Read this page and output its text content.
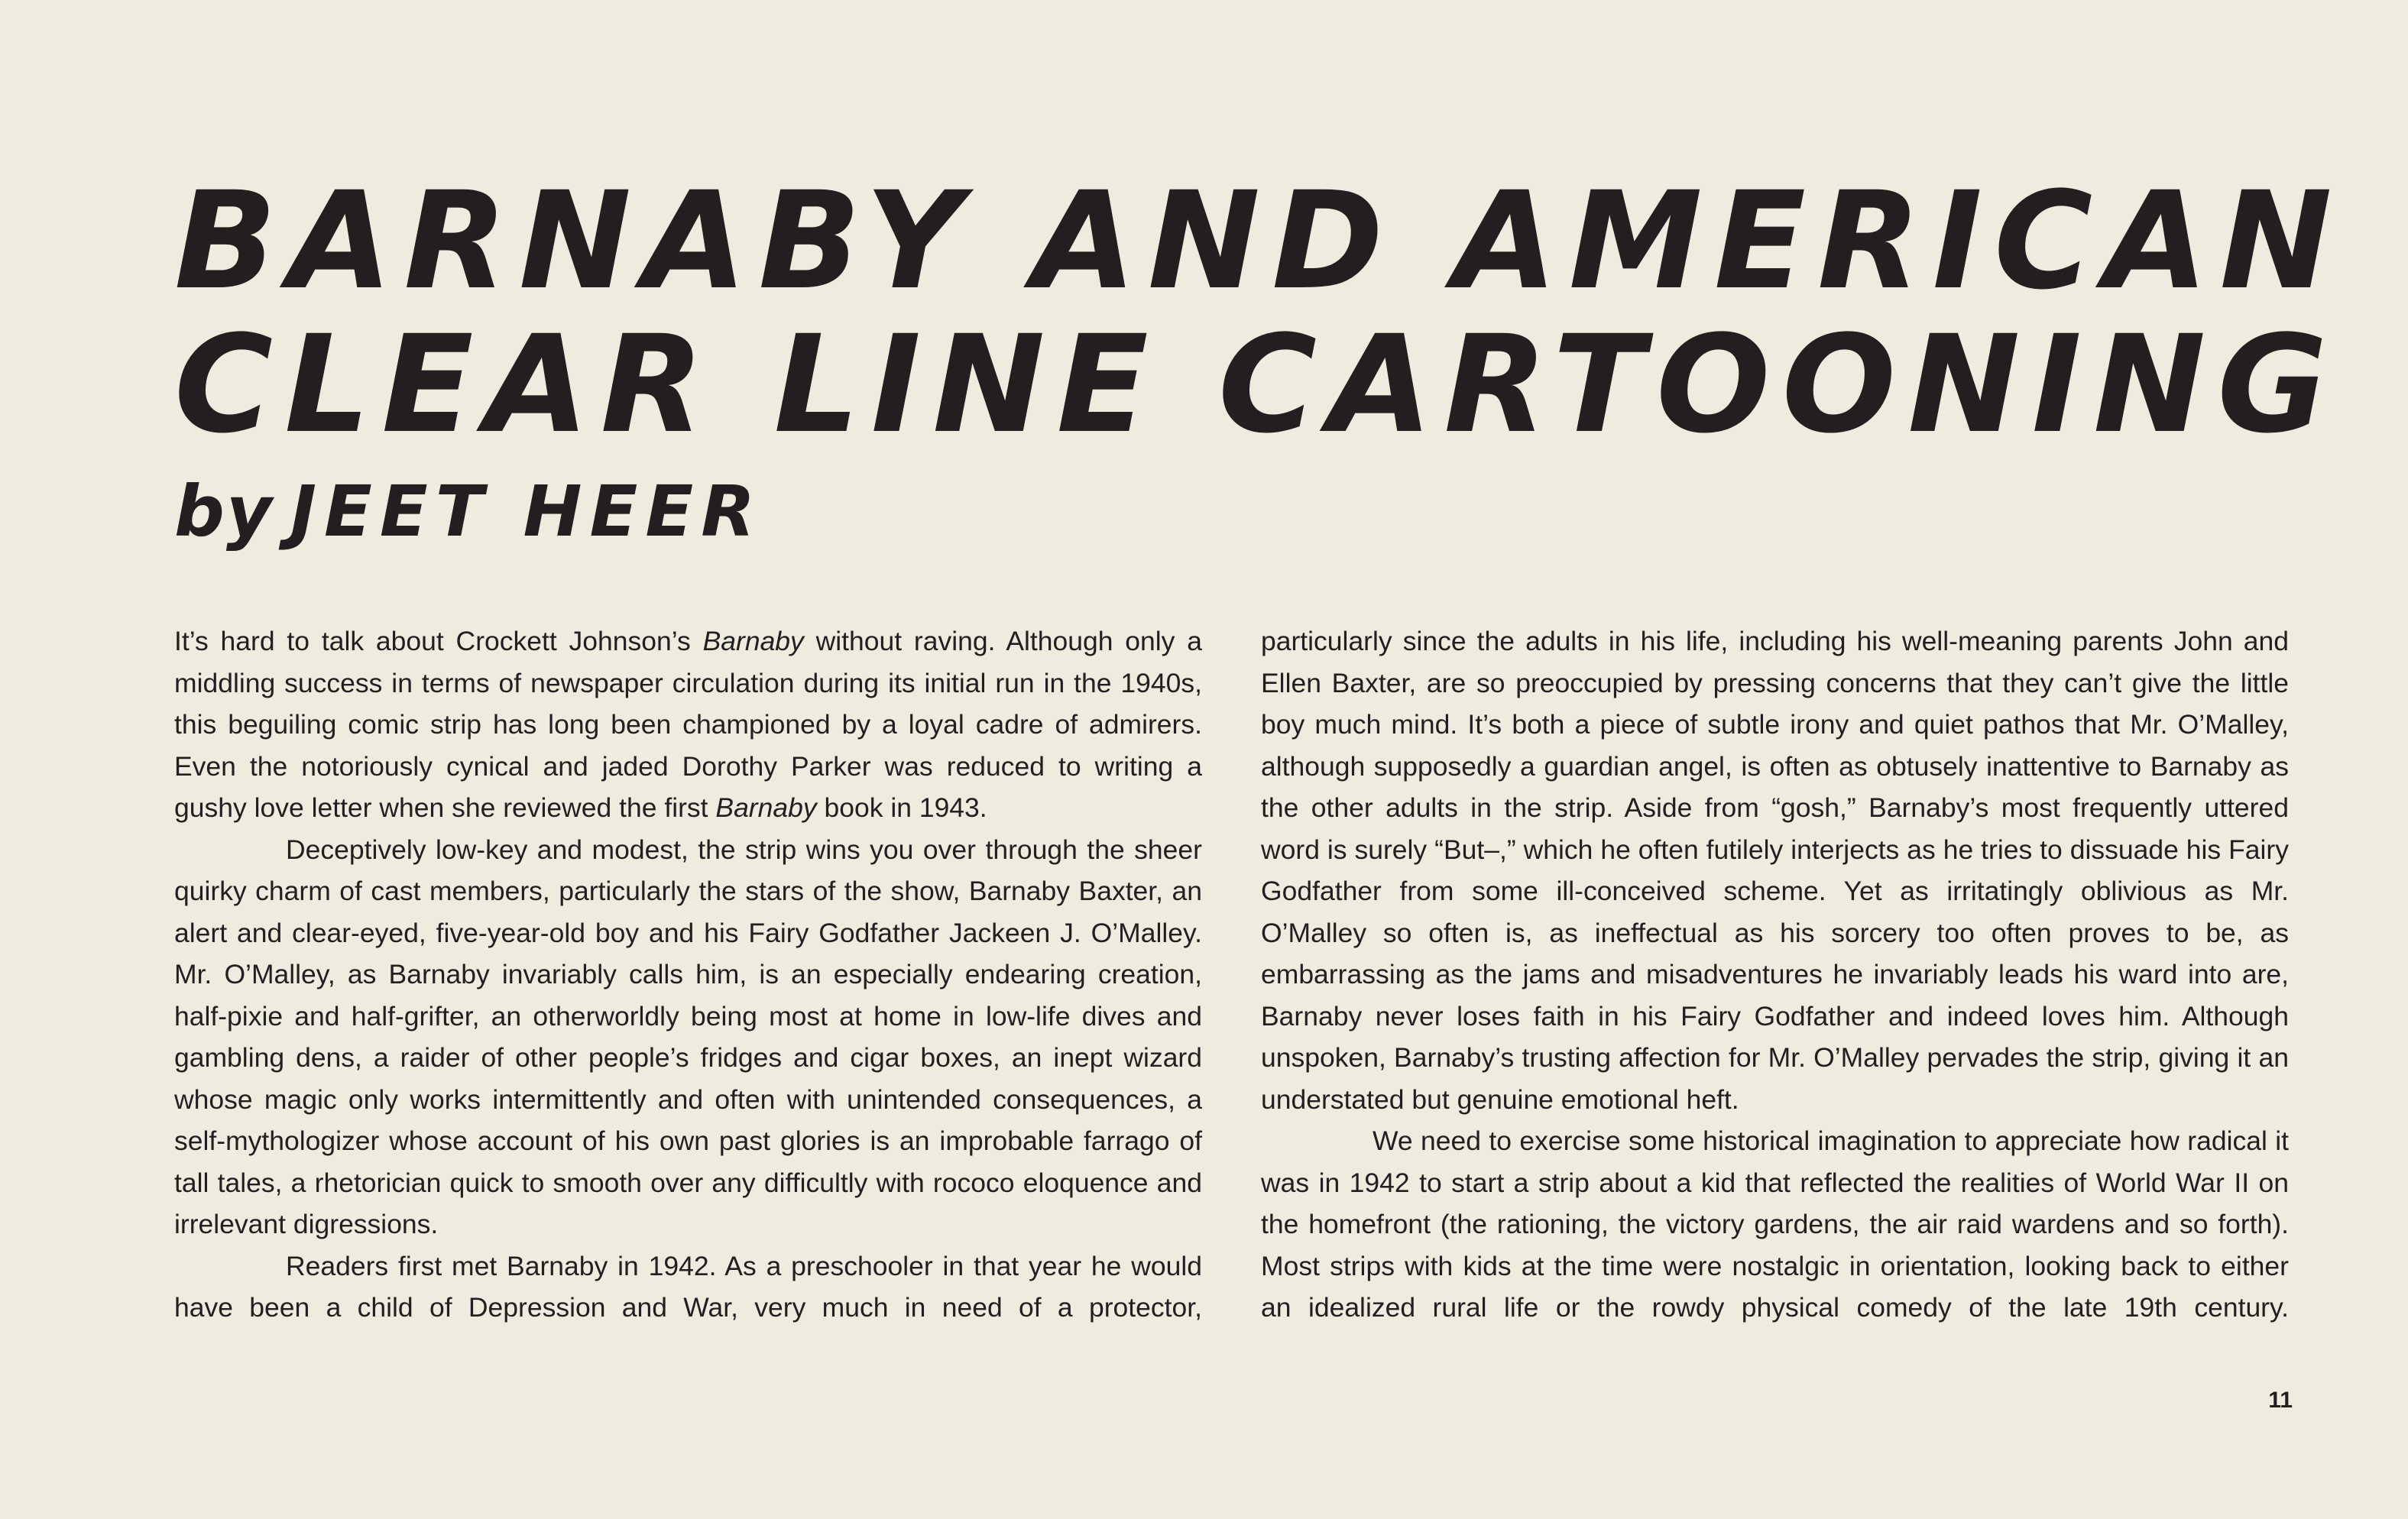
BARNABY AND AMERICAN
CLEAR LINE CARTOONING
by JEET HEER

It’s hard to talk about Crockett Johnson’s Barnaby without raving. Although only a middling success in terms of newspaper circulation during its initial run in the 1940s, this beguiling comic strip has long been championed by a loyal cadre of admirers. Even the notoriously cynical and jaded Dorothy Parker was reduced to writing a gushy love letter when she reviewed the first Barnaby book in 1943.

Deceptively low-key and modest, the strip wins you over through the sheer quirky charm of cast members, particularly the stars of the show, Barnaby Baxter, an alert and clear-eyed, five-year-old boy and his Fairy Godfather Jackeen J. O’Malley. Mr. O’Malley, as Barnaby invariably calls him, is an especially endearing creation, half-pixie and half-grifter, an otherworldly being most at home in low-life dives and gambling dens, a raider of other people’s fridges and cigar boxes, an inept wizard whose magic only works intermittently and often with unintended consequences, a self-mythologizer whose account of his own past glories is an improbable farrago of tall tales, a rhetorician quick to smooth over any difficultly with rococo eloquence and irrelevant digressions.

Readers first met Barnaby in 1942. As a preschooler in that year he would have been a child of Depression and War, very much in need of a protector,

particularly since the adults in his life, including his well-meaning parents John and Ellen Baxter, are so preoccupied by pressing concerns that they can’t give the little boy much mind. It’s both a piece of subtle irony and quiet pathos that Mr. O’Malley, although supposedly a guardian angel, is often as obtusely inattentive to Barnaby as the other adults in the strip. Aside from “gosh,” Barnaby’s most frequently uttered word is surely “But–,” which he often futilely interjects as he tries to dissuade his Fairy Godfather from some ill-conceived scheme. Yet as irritatingly oblivious as Mr. O’Malley so often is, as ineffectual as his sorcery too often proves to be, as embarrassing as the jams and misadventures he invariably leads his ward into are, Barnaby never loses faith in his Fairy Godfather and indeed loves him. Although unspoken, Barnaby’s trusting affection for Mr. O’Malley pervades the strip, giving it an understated but genuine emotional heft.

We need to exercise some historical imagination to appreciate how radical it was in 1942 to start a strip about a kid that reflected the realities of World War II on the homefront (the rationing, the victory gardens, the air raid wardens and so forth). Most strips with kids at the time were nostalgic in orientation, looking back to either an idealized rural life or the rowdy physical comedy of the late 19th century.

11
